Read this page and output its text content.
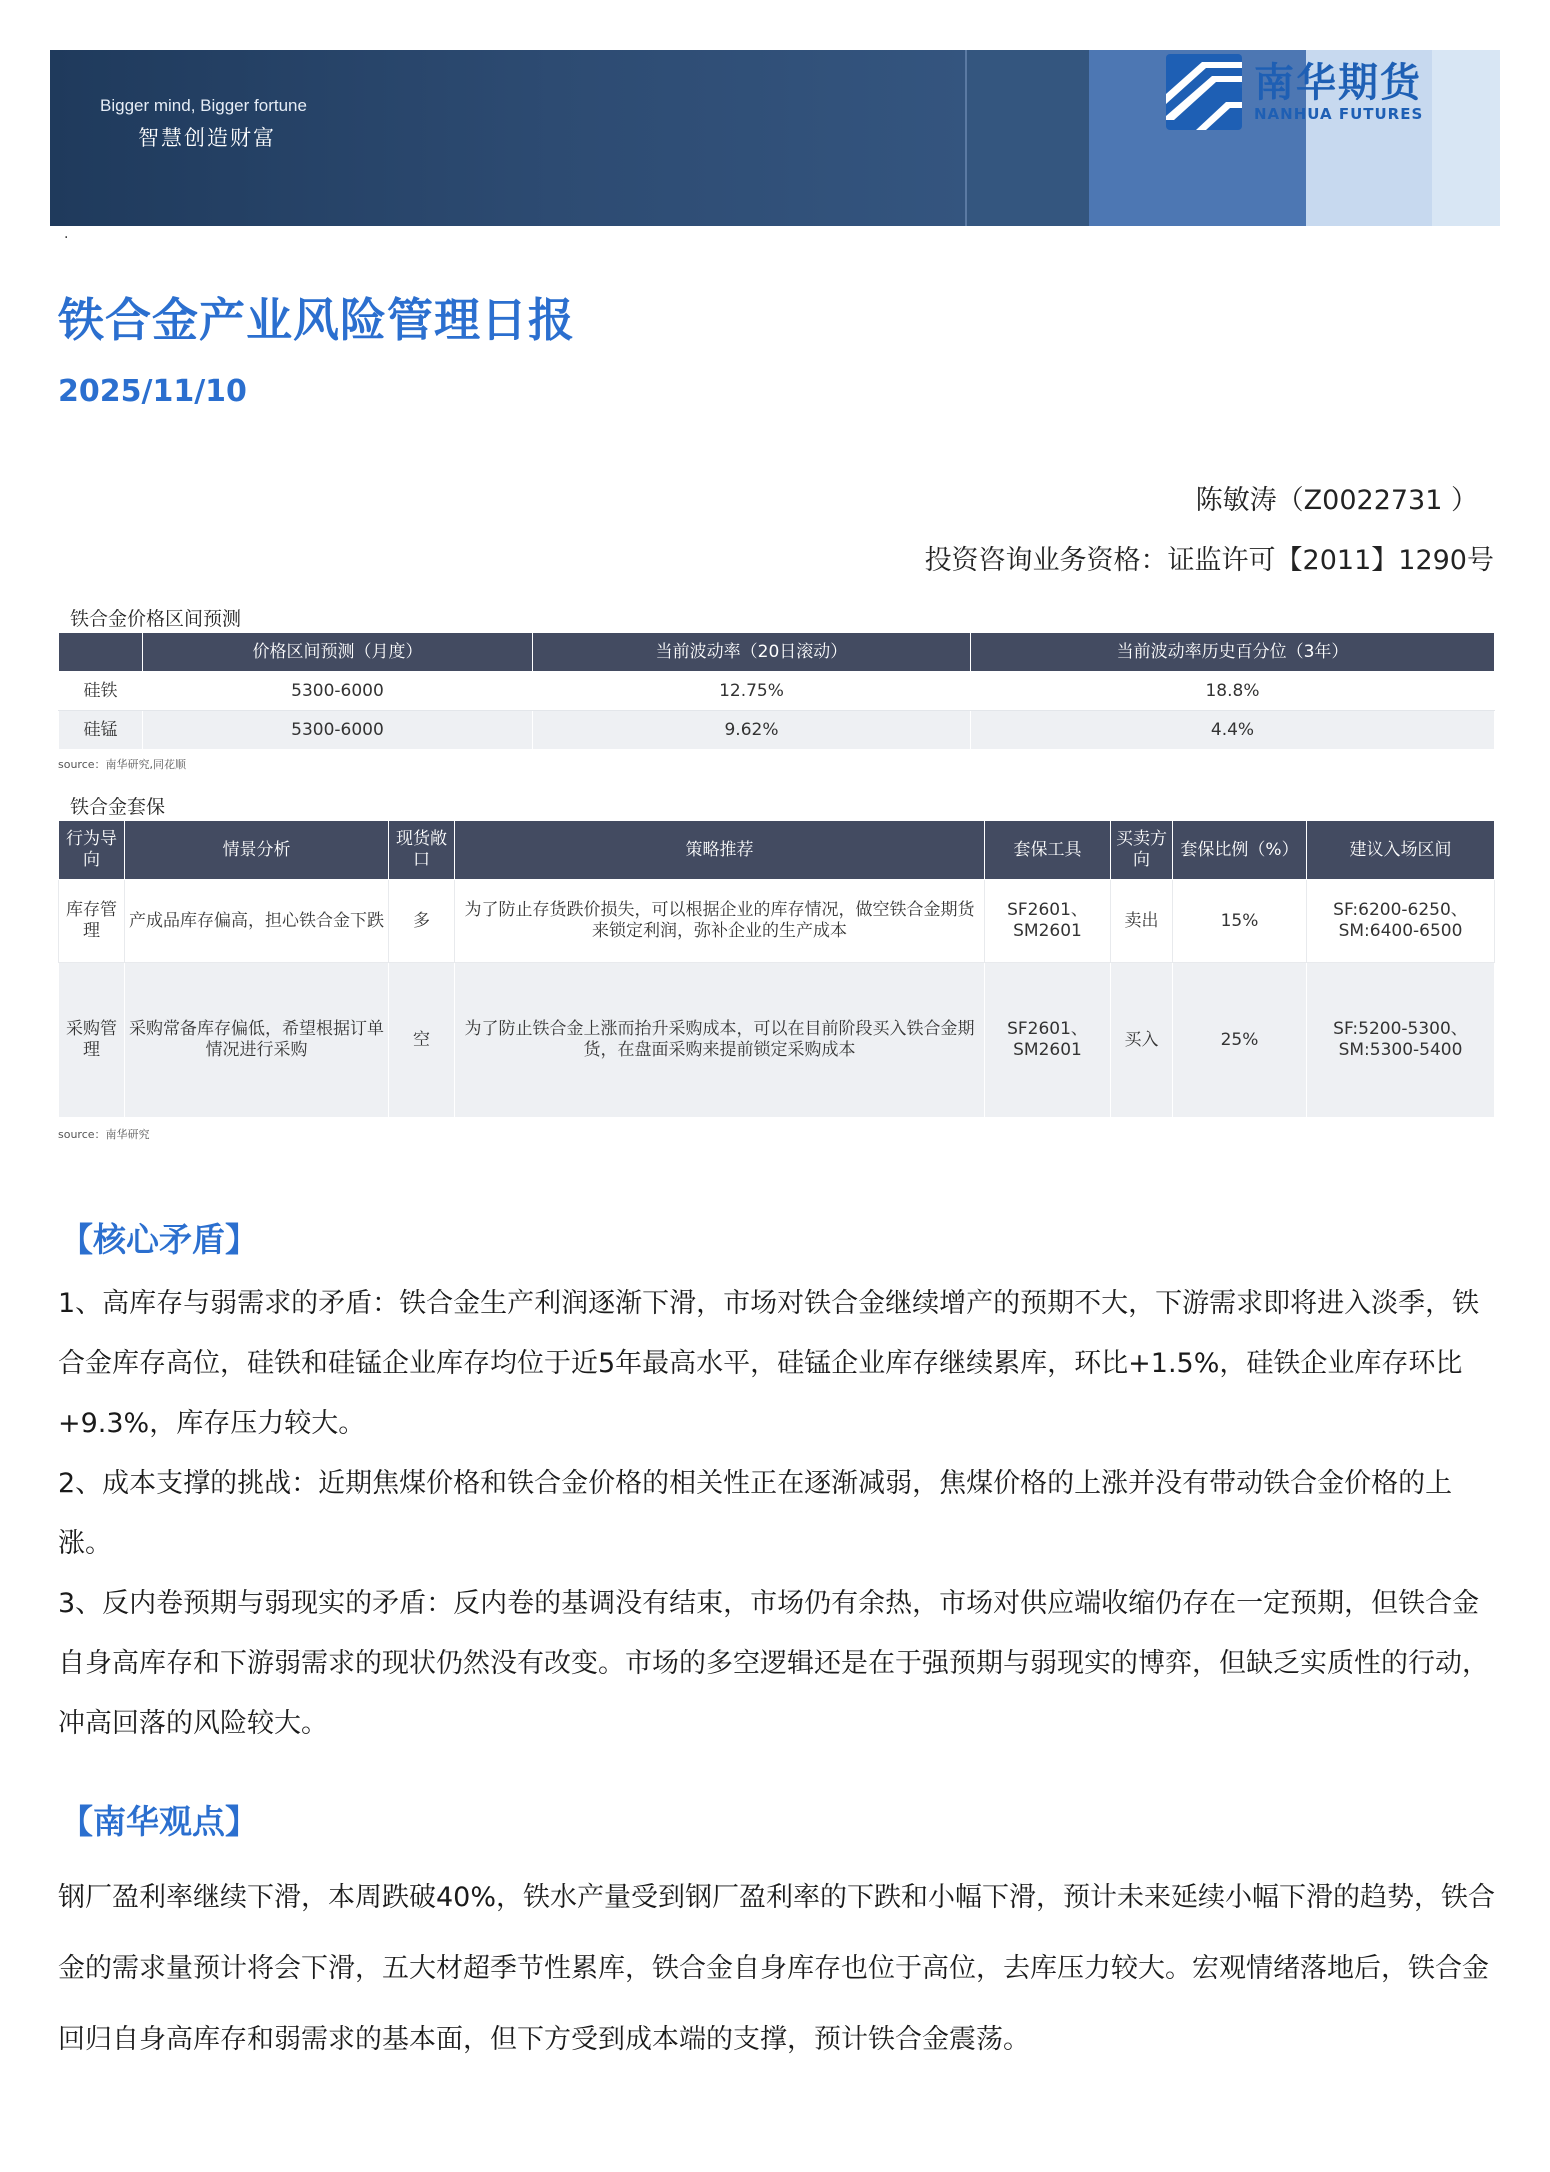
Bigger mind, Bigger fortune
智慧创造财富
南华期货
NANHUA FUTURES
·
铁合金产业风险管理日报
2025/11/10
陈敏涛（Z0022731 ）
投资咨询业务资格：证监许可【2011】1290号
铁合金价格区间预测
	价格区间预测（月度）	当前波动率（20日滚动）	当前波动率历史百分位（3年）
硅铁	5300-6000	12.75%	18.8%
硅锰	5300-6000	9.62%	4.4%
source：南华研究,同花顺
铁合金套保
行为导向	情景分析	现货敞口	策略推荐	套保工具	买卖方向	套保比例（%）	建议入场区间
库存管理	产成品库存偏高，担心铁合金下跌	多	为了防止存货跌价损失，可以根据企业的库存情况，做空铁合金期货来锁定利润，弥补企业的生产成本	SF2601、SM2601	卖出	15%	SF:6200-6250、SM:6400-6500
采购管理	采购常备库存偏低，希望根据订单情况进行采购	空	为了防止铁合金上涨而抬升采购成本，可以在目前阶段买入铁合金期货，在盘面采购来提前锁定采购成本	SF2601、SM2601	买入	25%	SF:5200-5300、SM:5300-5400
source：南华研究
【核心矛盾】
1、高库存与弱需求的矛盾：铁合金生产利润逐渐下滑，市场对铁合金继续增产的预期不大，下游需求即将进入淡季，铁合金库存高位，硅铁和硅锰企业库存均位于近5年最高水平，硅锰企业库存继续累库，环比+1.5%，硅铁企业库存环比+9.3%，库存压力较大。
2、成本支撑的挑战：近期焦煤价格和铁合金价格的相关性正在逐渐减弱，焦煤价格的上涨并没有带动铁合金价格的上涨。
3、反内卷预期与弱现实的矛盾：反内卷的基调没有结束，市场仍有余热，市场对供应端收缩仍存在一定预期，但铁合金自身高库存和下游弱需求的现状仍然没有改变。市场的多空逻辑还是在于强预期与弱现实的博弈，但缺乏实质性的行动，冲高回落的风险较大。
【南华观点】
钢厂盈利率继续下滑，本周跌破40%，铁水产量受到钢厂盈利率的下跌和小幅下滑，预计未来延续小幅下滑的趋势，铁合金的需求量预计将会下滑，五大材超季节性累库，铁合金自身库存也位于高位，去库压力较大。宏观情绪落地后，铁合金回归自身高库存和弱需求的基本面，但下方受到成本端的支撑，预计铁合金震荡。
